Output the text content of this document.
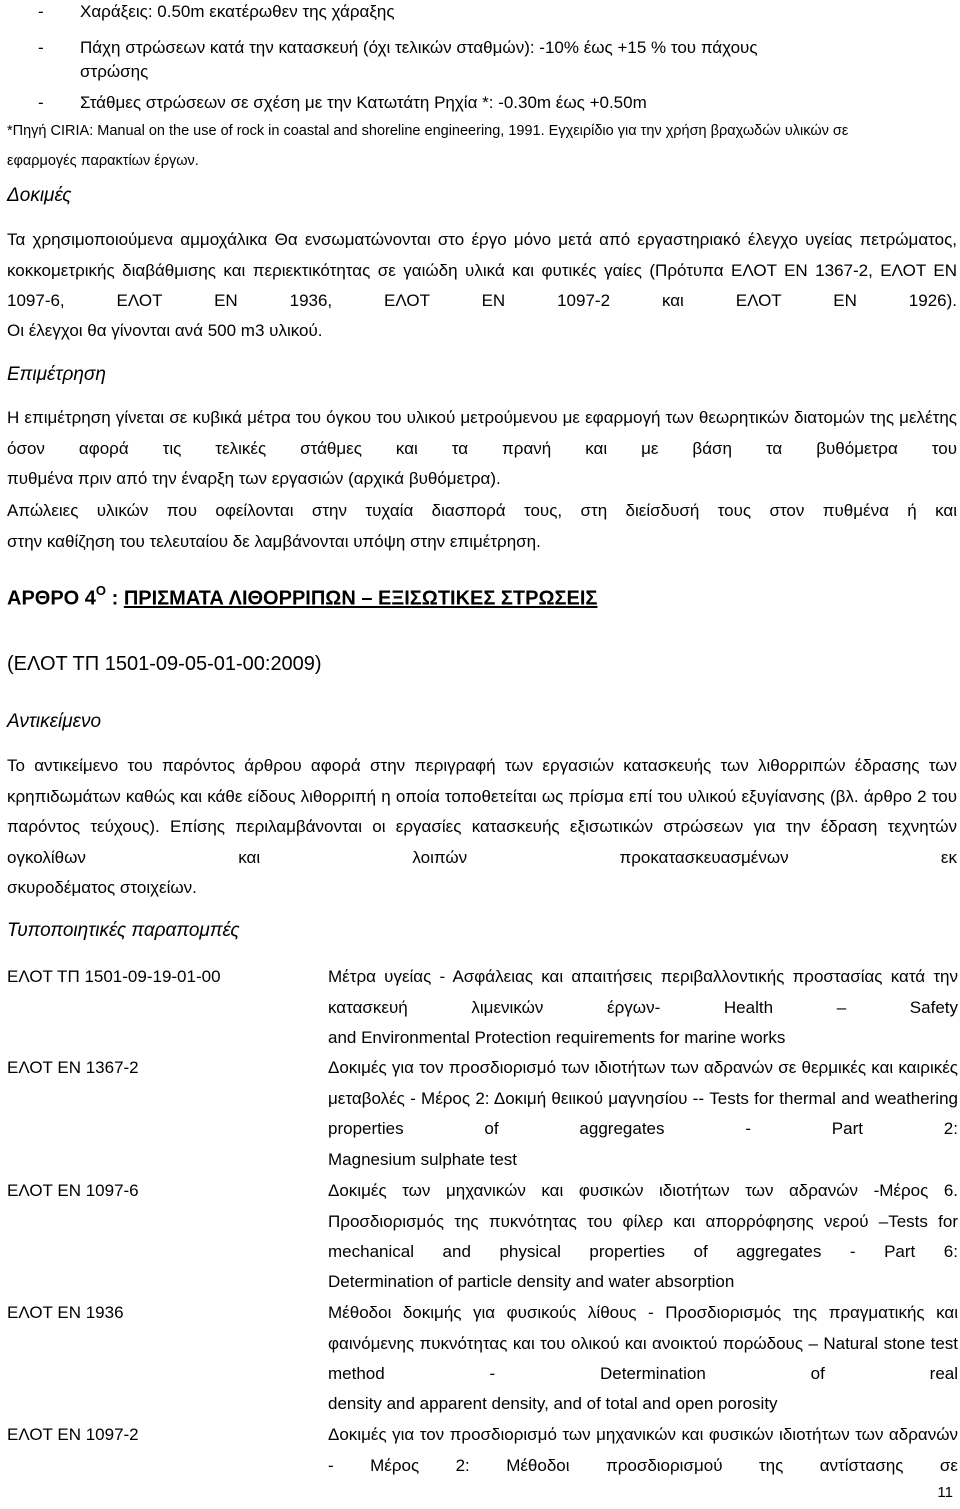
- Χαράξεις: 0.50m εκατέρωθεν της χάραξης
- Πάχη στρώσεων κατά την κατασκευή (όχι τελικών σταθμών): -10% έως +15 % του πάχους
στρώσης
- Στάθμες στρώσεων σε σχέση με την Κατωτάτη Ρηχία *: -0.30m έως +0.50m
*Πηγή CIRIA: Manual on the use of rock in coastal and shoreline engineering, 1991. Εγχειρίδιο για την χρήση βραχωδών υλικών σε
εφαρμογές παρακτίων έργων.
Δοκιμές
Τα χρησιμοποιούμενα αμμοχάλικα Θα ενσωματώνονται στο έργο μόνο μετά από εργαστηριακό έλεγχο υγείας πετρώματος, κοκκομετρικής διαβάθμισης και περιεκτικότητας σε γαιώδη υλικά και φυτικές γαίες (Πρότυπα ΕΛΟΤ ΕΝ 1367-2, ΕΛΟΤ ΕΝ 1097-6, ΕΛΟΤ ΕΝ 1936, ΕΛΟΤ ΕΝ 1097-2 και ΕΛΟΤ ΕΝ 1926).
Οι έλεγχοι θα γίνονται ανά 500 m3 υλικού.
Επιμέτρηση
Η επιμέτρηση γίνεται σε κυβικά μέτρα του όγκου του υλικού μετρούμενου με εφαρμογή των θεωρητικών διατομών της μελέτης όσον αφορά τις τελικές στάθμες και τα πρανή και με βάση τα βυθόμετρα του
πυθμένα πριν από την έναρξη των εργασιών (αρχικά βυθόμετρα).
Απώλειες υλικών που οφείλονται στην τυχαία διασπορά τους, στη διείσδυσή τους στον πυθμένα ή και
στην καθίζηση του τελευταίου δε λαμβάνονται υπόψη στην επιμέτρηση.
ΑΡΘΡΟ $4^O$ : ΠΡΙΣΜΑΤΑ ΛΙΘΟΡΡΙΠΩΝ – ΕΞΙΣΩΤΙΚΕΣ ΣΤΡΩΣΕΙΣ
(ΕΛΟΤ ΤΠ 1501-09-05-01-00:2009)
Αντικείμενο
Το αντικείμενο του παρόντος άρθρου αφορά στην περιγραφή των εργασιών κατασκευής των λιθορριπών έδρασης των κρηπιδωμάτων καθώς και κάθε είδους λιθορριπή η οποία τοποθετείται ως πρίσμα επί του υλικού εξυγίανσης (βλ. άρθρο 2 του παρόντος τεύχους). Επίσης περιλαμβάνονται οι εργασίες κατασκευής εξισωτικών στρώσεων για την έδραση τεχνητών ογκολίθων και λοιπών προκατασκευασμένων εκ
σκυροδέματος στοιχείων.
Τυποποιητικές παραπομπές
ΕΛΟΤ ΤΠ 1501-09-19-01-00	Μέτρα υγείας - Ασφάλειας και απαιτήσεις περιβαλλοντικής προστασίας κατά την κατασκευή λιμενικών έργων- Health – Safety
and Environmental Protection requirements for marine works
ΕΛΟΤ ΕΝ 1367-2	Δοκιμές για τον προσδιορισμό των ιδιοτήτων των αδρανών σε θερμικές και καιρικές μεταβολές - Μέρος 2: Δοκιμή θειικού μαγνησίου -- Tests for thermal and weathering properties of aggregates - Part 2:
Magnesium sulphate test
ΕΛΟΤ ΕΝ 1097-6	Δοκιμές των μηχανικών και φυσικών ιδιοτήτων των αδρανών -Μέρος 6. Προσδιορισμός της πυκνότητας του φίλερ και απορρόφησης νερού –Tests for mechanical and physical properties of aggregates - Part 6:
Determination of particle density and water absorption
ΕΛΟΤ ΕΝ 1936	Μέθοδοι δοκιμής για φυσικούς λίθους - Προσδιορισμός της πραγματικής και φαινόμενης πυκνότητας και του ολικού και ανοικτού πορώδους – Natural stone test method - Determination of real
density and apparent density, and of total and open porosity
ΕΛΟΤ ΕΝ 1097-2	Δοκιμές για τον προσδιορισμό των μηχανικών και φυσικών ιδιοτήτων των αδρανών - Μέρος 2: Μέθοδοι προσδιορισμού της αντίστασης σε
11
